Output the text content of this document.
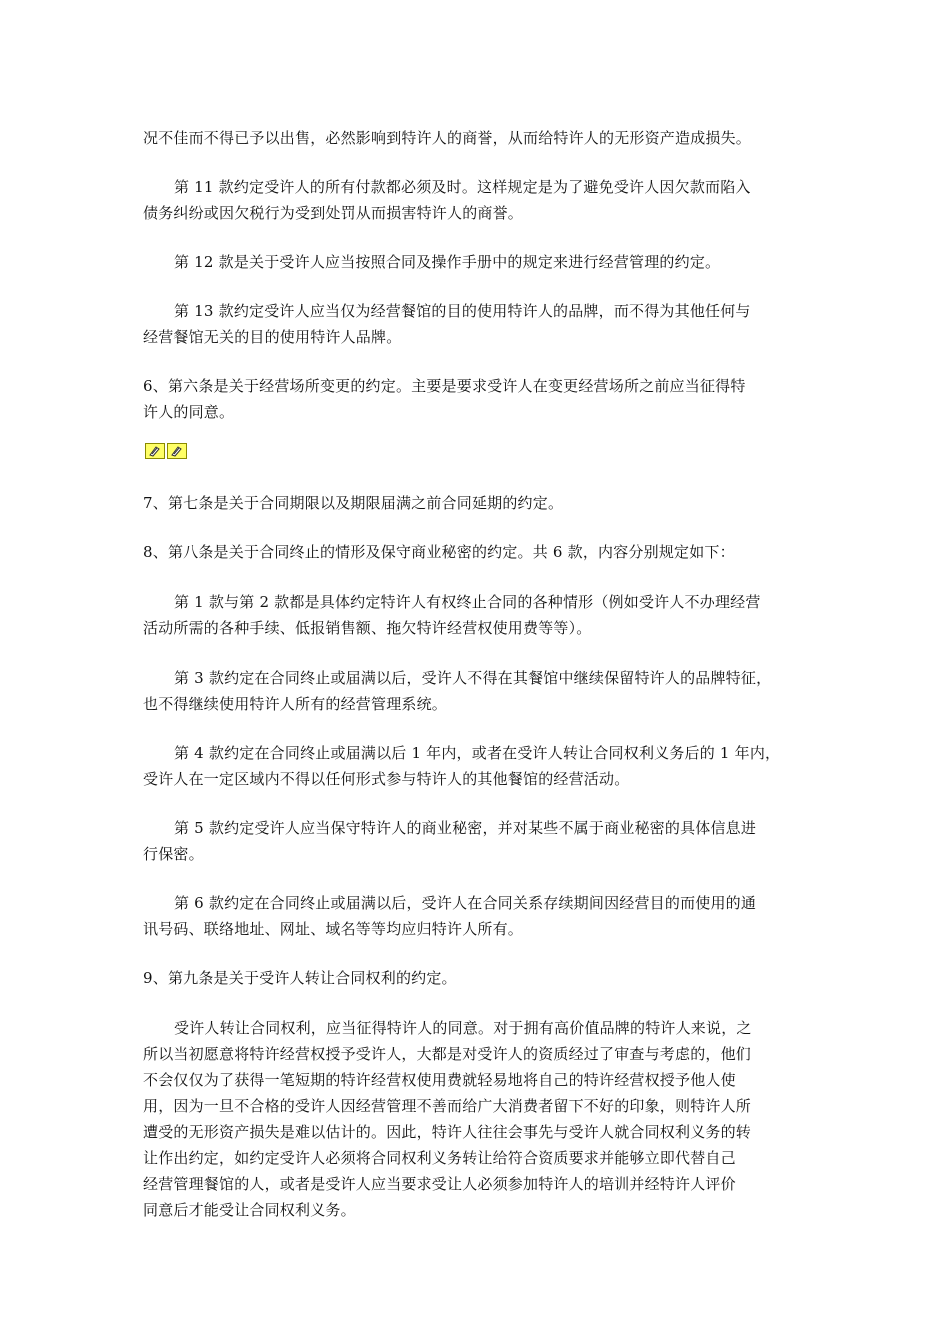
况不佳而不得已予以出售，必然影响到特许人的商誉，从而给特许人的无形资产造成损失。

第 11 款约定受许人的所有付款都必须及时。这样规定是为了避免受许人因欠款而陷入
债务纠纷或因欠税行为受到处罚从而损害特许人的商誉。

第 12 款是关于受许人应当按照合同及操作手册中的规定来进行经营管理的约定。

第 13 款约定受许人应当仅为经营餐馆的目的使用特许人的品牌，而不得为其他任何与
经营餐馆无关的目的使用特许人品牌。

6、第六条是关于经营场所变更的约定。主要是要求受许人在变更经营场所之前应当征得特
许人的同意。

7、第七条是关于合同期限以及期限届满之前合同延期的约定。

8、第八条是关于合同终止的情形及保守商业秘密的约定。共 6 款，内容分别规定如下：

第 1 款与第 2 款都是具体约定特许人有权终止合同的各种情形（例如受许人不办理经营
活动所需的各种手续、低报销售额、拖欠特许经营权使用费等等）。

第 3 款约定在合同终止或届满以后，受许人不得在其餐馆中继续保留特许人的品牌特征，
也不得继续使用特许人所有的经营管理系统。

第 4 款约定在合同终止或届满以后 1 年内，或者在受许人转让合同权利义务后的 1 年内，
受许人在一定区域内不得以任何形式参与特许人的其他餐馆的经营活动。

第 5 款约定受许人应当保守特许人的商业秘密，并对某些不属于商业秘密的具体信息进
行保密。

第 6 款约定在合同终止或届满以后，受许人在合同关系存续期间因经营目的而使用的通
讯号码、联络地址、网址、域名等等均应归特许人所有。

9、第九条是关于受许人转让合同权利的约定。

受许人转让合同权利，应当征得特许人的同意。对于拥有高价值品牌的特许人来说，之
所以当初愿意将特许经营权授予受许人，大都是对受许人的资质经过了审查与考虑的，他们
不会仅仅为了获得一笔短期的特许经营权使用费就轻易地将自己的特许经营权授予他人使
用，因为一旦不合格的受许人因经营管理不善而给广大消费者留下不好的印象，则特许人所
遭受的无形资产损失是难以估计的。因此，特许人往往会事先与受许人就合同权利义务的转
让作出约定，如约定受许人必须将合同权利义务转让给符合资质要求并能够立即代替自己
经营管理餐馆的人，或者是受许人应当要求受让人必须参加特许人的培训并经特许人评价
同意后才能受让合同权利义务。
